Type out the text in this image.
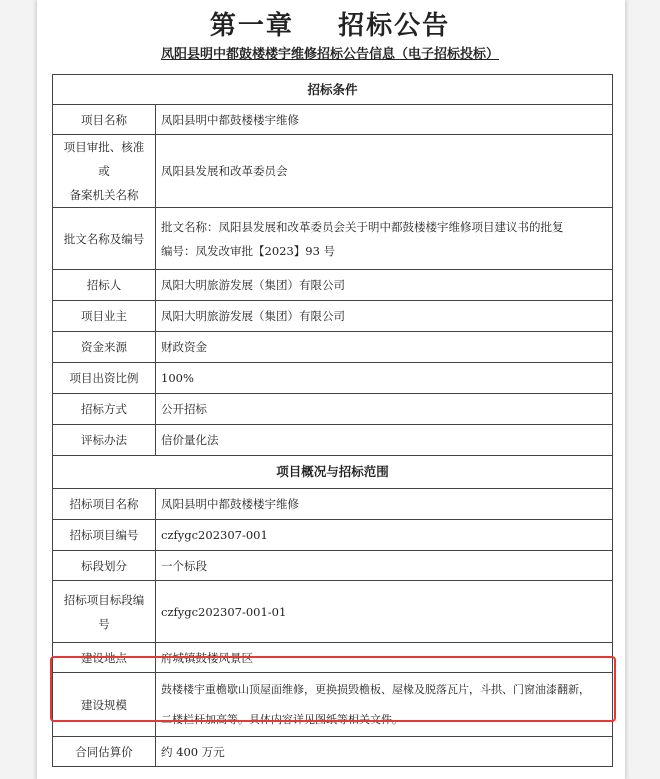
第一章    招标公告
凤阳县明中都鼓楼楼宇维修招标公告信息（电子招标投标）
招标条件	
项目名称	凤阳县明中都鼓楼楼宇维修

项目审批、核准或
备案机关名称	凤阳县发展和改革委员会
批文名称及编号	批文名称：凤阳县发展和改革委员会关于明中都鼓楼楼宇维修项目建议书的批复
编号：凤发改审批【2023】93 号

招标人	凤阳大明旅游发展（集团）有限公司
项目业主	凤阳大明旅游发展（集团）有限公司
资金来源	财政资金
项目出资比例	100%
招标方式	公开招标
评标办法	信价量化法
项目概况与招标范围	
招标项目名称	凤阳县明中都鼓楼楼宇维修
招标项目编号	czfygc202307-001
标段划分	一个标段

招标项目标段编
号	czfygc202307-001-01
建设地点	府城镇鼓楼风景区
建设规模	鼓楼楼宇重檐歇山顶屋面维修，更换损毁檐板、屋椽及脱落瓦片，斗拱、门窗油漆翻新，
二楼栏杆加高等。具体内容详见图纸等相关文件。

合同估算价	约 400 万元
